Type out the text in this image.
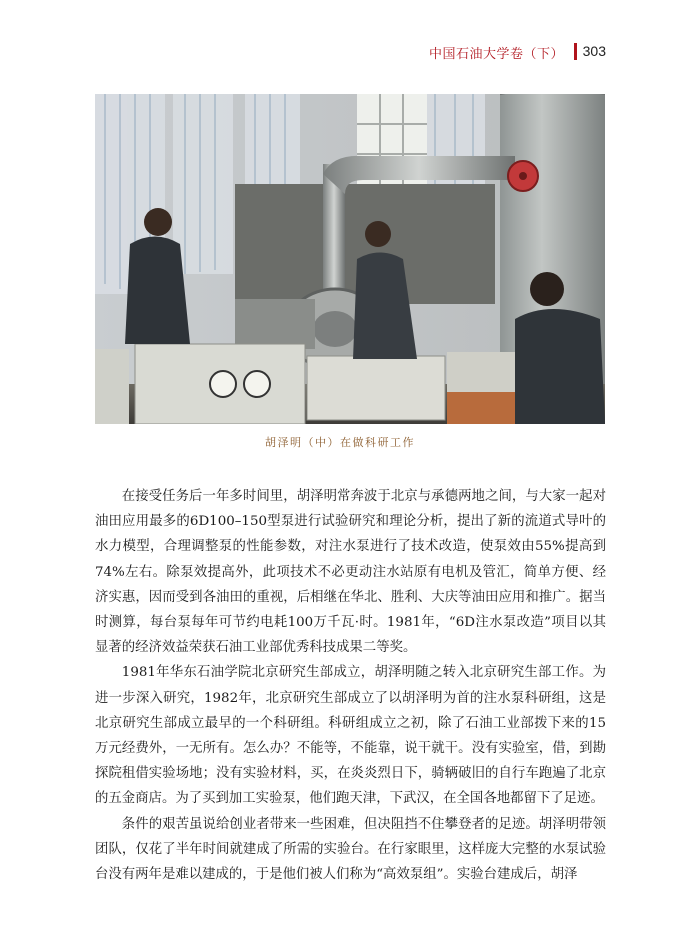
中国石油大学卷（下） 303
胡泽明（中）在做科研工作

在接受任务后一年多时间里，胡泽明常奔波于北京与承德两地之间，与大家一起对油田应用最多的6D100–150型泵进行试验研究和理论分析，提出了新的流道式导叶的水力模型，合理调整泵的性能参数，对注水泵进行了技术改造，使泵效由55%提高到74%左右。除泵效提高外，此项技术不必更动注水站原有电机及管汇，简单方便、经济实惠，因而受到各油田的重视，后相继在华北、胜利、大庆等油田应用和推广。据当时测算，每台泵每年可节约电耗100万千瓦·时。1981年，“6D注水泵改造”项目以其显著的经济效益荣获石油工业部优秀科技成果二等奖。

1981年华东石油学院北京研究生部成立，胡泽明随之转入北京研究生部工作。为进一步深入研究，1982年，北京研究生部成立了以胡泽明为首的注水泵科研组，这是北京研究生部成立最早的一个科研组。科研组成立之初，除了石油工业部拨下来的15万元经费外，一无所有。怎么办？不能等，不能靠，说干就干。没有实验室，借，到勘探院租借实验场地；没有实验材料，买，在炎炎烈日下，骑辆破旧的自行车跑遍了北京的五金商店。为了买到加工实验泵，他们跑天津，下武汉，在全国各地都留下了足迹。

条件的艰苦虽说给创业者带来一些困难，但决阻挡不住攀登者的足迹。胡泽明带领团队，仅花了半年时间就建成了所需的实验台。在行家眼里，这样庞大完整的水泵试验台没有两年是难以建成的，于是他们被人们称为“高效泵组”。实验台建成后，胡泽
